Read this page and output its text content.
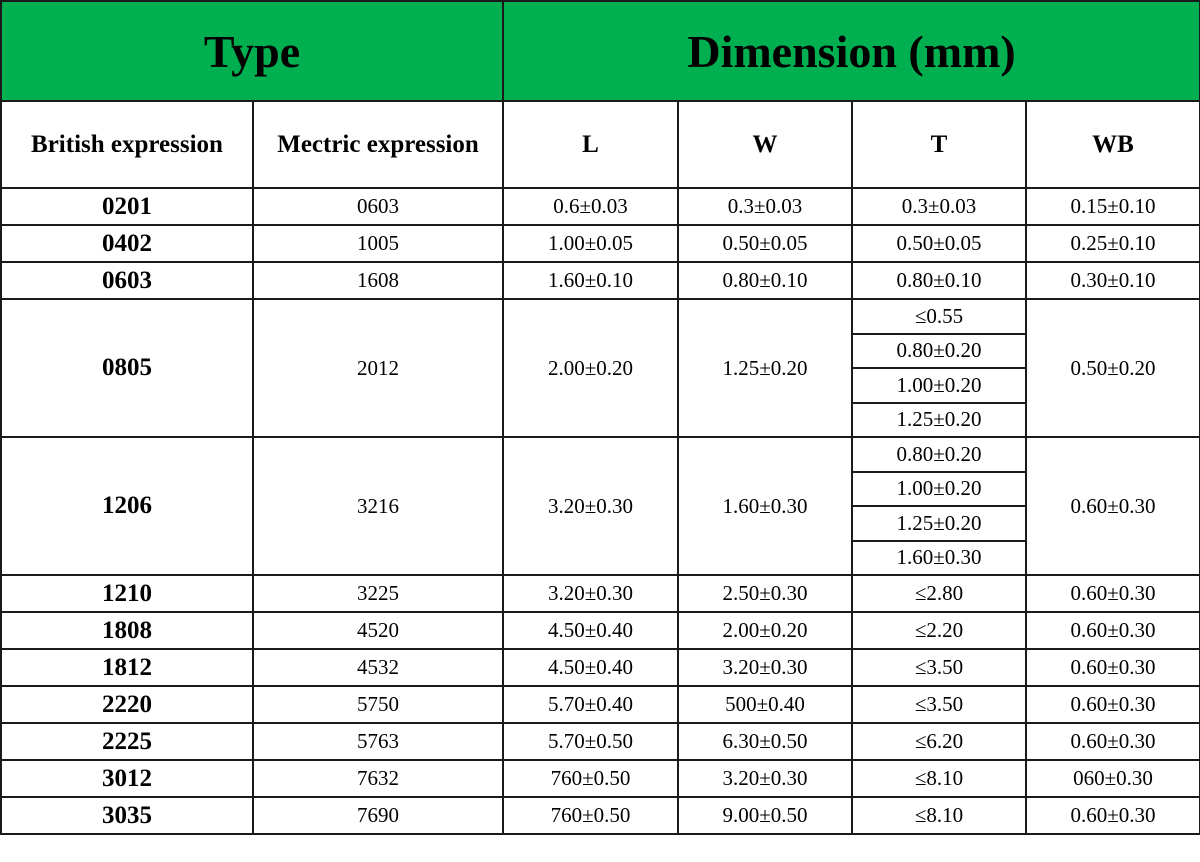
Type		Dimension (mm)			
British expression	Mectric expression	L	W	T	WB
0201	0603	0.6±0.03	0.3±0.03	0.3±0.03	0.15±0.10
0402	1005	1.00±0.05	0.50±0.05	0.50±0.05	0.25±0.10
0603	1608	1.60±0.10	0.80±0.10	0.80±0.10	0.30±0.10
0805	2012	2.00±0.20	1.25±0.20	≤0.55	0.50±0.20
				0.80±0.20	
				1.00±0.20	
				1.25±0.20	
1206	3216	3.20±0.30	1.60±0.30	0.80±0.20	0.60±0.30
				1.00±0.20	
				1.25±0.20	
				1.60±0.30	
1210	3225	3.20±0.30	2.50±0.30	≤2.80	0.60±0.30
1808	4520	4.50±0.40	2.00±0.20	≤2.20	0.60±0.30
1812	4532	4.50±0.40	3.20±0.30	≤3.50	0.60±0.30
2220	5750	5.70±0.40	500±0.40	≤3.50	0.60±0.30
2225	5763	5.70±0.50	6.30±0.50	≤6.20	0.60±0.30
3012	7632	760±0.50	3.20±0.30	≤8.10	060±0.30
3035	7690	760±0.50	9.00±0.50	≤8.10	0.60±0.30
